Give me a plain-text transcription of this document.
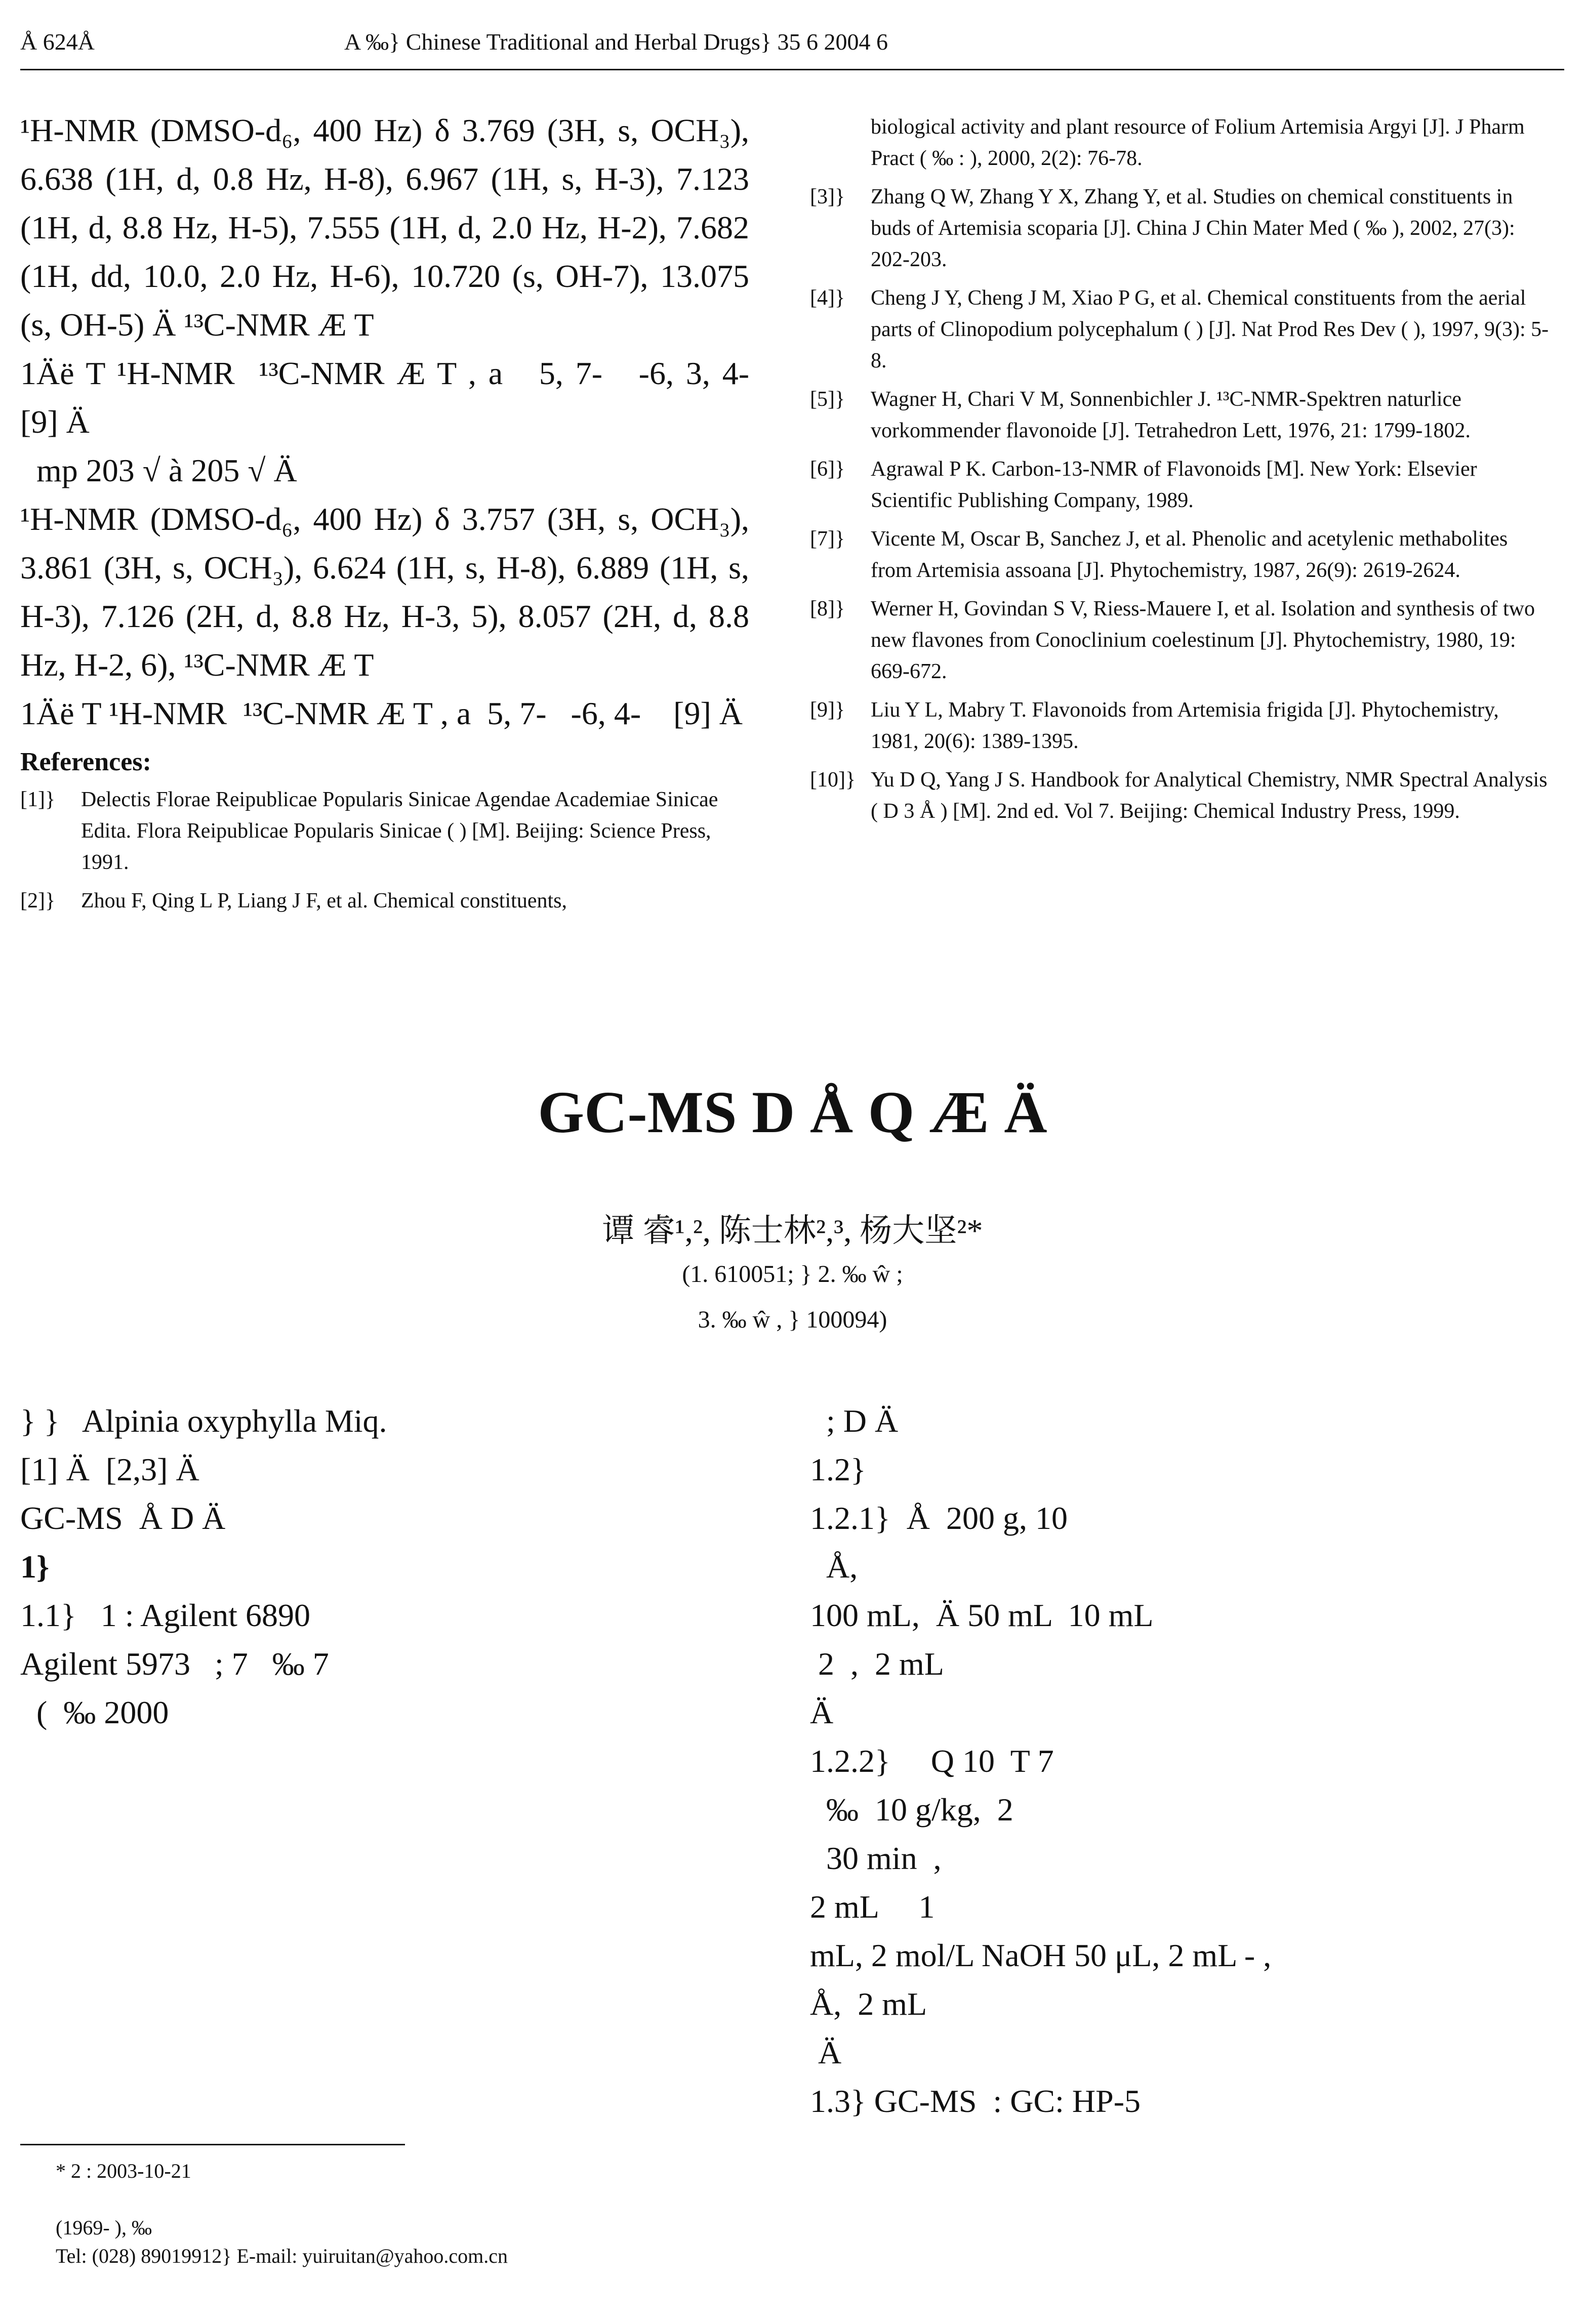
Å 624Å	A ‰} Chinese Traditional and Herbal Drugs} 35 6 2004 6

¹H-NMR (DMSO-d₆, 400 Hz) δ 3.769 (3H, s, OCH₃), 6.638 (1H, d, 0.8 Hz, H-8), 6.967 (1H, s, H-3), 7.123 (1H, d, 8.8 Hz, H-5), 7.555 (1H, d, 2.0 Hz, H-2), 7.682 (1H, dd, 10.0, 2.0 Hz, H-6), 10.720 (s, OH-7), 13.075 (s, OH-5) Ä ¹³C-NMR Æ T

1Äë T ¹H-NMR  ¹³C-NMR Æ T , a   5, 7-   -6, 3, 4-     [9] Ä

mp 203 √ à 205 √ Ä

¹H-NMR (DMSO-d₆, 400 Hz) δ 3.757 (3H, s, OCH₃), 3.861 (3H, s, OCH₃), 6.624 (1H, s, H-8), 6.889 (1H, s, H-3), 7.126 (2H, d, 8.8 Hz, H-3, 5), 8.057 (2H, d, 8.8 Hz, H-2, 6), ¹³C-NMR Æ T

1Äë T ¹H-NMR  ¹³C-NMR Æ T , a  5, 7-   -6, 4-    [9] Ä

References:
[1]} Delectis Florae Reipublicae Popularis Sinicae Agendae Academiae Sinicae Edita. Flora Reipublicae Popularis Sinicae ( ) [M]. Beijing: Science Press, 1991.
[2]} Zhou F, Qing L P, Liang J F, et al. Chemical constituents,
biological activity and plant resource of Folium Artemisia Argyi [J]. J Pharm Pract ( ‰ : ), 2000, 2(2): 76-78.
[3]} Zhang Q W, Zhang Y X, Zhang Y, et al. Studies on chemical constituents in buds of Artemisia scoparia [J]. China J Chin Mater Med ( ‰ ), 2002, 27(3): 202-203.
[4]} Cheng J Y, Cheng J M, Xiao P G, et al. Chemical constituents from the aerial parts of Clinopodium polycephalum ( ) [J]. Nat Prod Res Dev ( ), 1997, 9(3): 5-8.
[5]} Wagner H, Chari V M, Sonnenbichler J. ¹³C-NMR-Spektren naturlice vorkommender flavonoide [J]. Tetrahedron Lett, 1976, 21: 1799-1802.
[6]} Agrawal P K. Carbon-13-NMR of Flavonoids [M]. New York: Elsevier Scientific Publishing Company, 1989.
[7]} Vicente M, Oscar B, Sanchez J, et al. Phenolic and acetylenic methabolites from Artemisia assoana [J]. Phytochemistry, 1987, 26(9): 2619-2624.
[8]} Werner H, Govindan S V, Riess-Mauere I, et al. Isolation and synthesis of two new flavones from Conoclinium coelestinum [J]. Phytochemistry, 1980, 19: 669-672.
[9]} Liu Y L, Mabry T. Flavonoids from Artemisia frigida [J]. Phytochemistry, 1981, 20(6): 1389-1395.
[10]} Yu D Q, Yang J S. Handbook for Analytical Chemistry, NMR Spectral Analysis ( D 3 Å ) [M]. 2nd ed. Vol 7. Beijing: Chemical Industry Press, 1999.
GC-MS D Å Q Æ Ä
谭 睿¹,², 陈士林²,³, 杨大坚²*
(1. 610051; } 2. ‰ ŵ ;
3. ‰ ŵ , } 100094)

} }   Alpinia oxyphylla Miq.

[1] Ä  [2,3] Ä

GC-MS  Å D Ä

1}

1.1}   1 : Agilent 6890

Agilent 5973   ; 7   ‰ 7

(  ‰ 2000

; D Ä

1.2}

1.2.1}  Å  200 g, 10

Å,

100 mL,  Ä 50 mL  10 mL

2  ,  2 mL

Ä

1.2.2}     Q 10  T 7

‰  10 g/kg,  2

30 min  ,

2 mL     1

mL, 2 mol/L NaOH 50 μL, 2 mL - ,

Å,  2 mL

Ä

1.3} GC-MS  : GC: HP-5

* 2 : 2003-10-21
(1969- ), ‰
Tel: (028) 89019912} E-mail: yuiruitan@yahoo.com.cn
